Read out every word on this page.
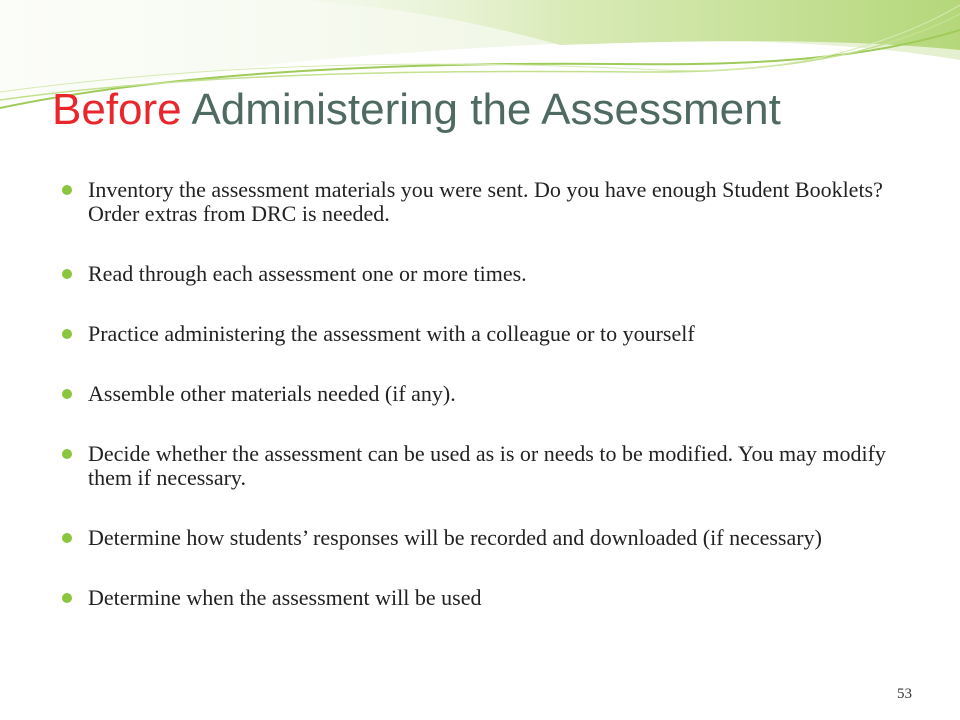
Before Administering the Assessment
Inventory the assessment materials you were sent. Do you have enough Student Booklets? Order extras from DRC is needed.
Read through each assessment one or more times.
Practice administering the assessment with a colleague or to yourself
Assemble other materials needed (if any).
Decide whether the assessment can be used as is or needs to be modified. You may modify them if necessary.
Determine how students’ responses will be recorded and downloaded (if necessary)
Determine when the assessment will be used
53
